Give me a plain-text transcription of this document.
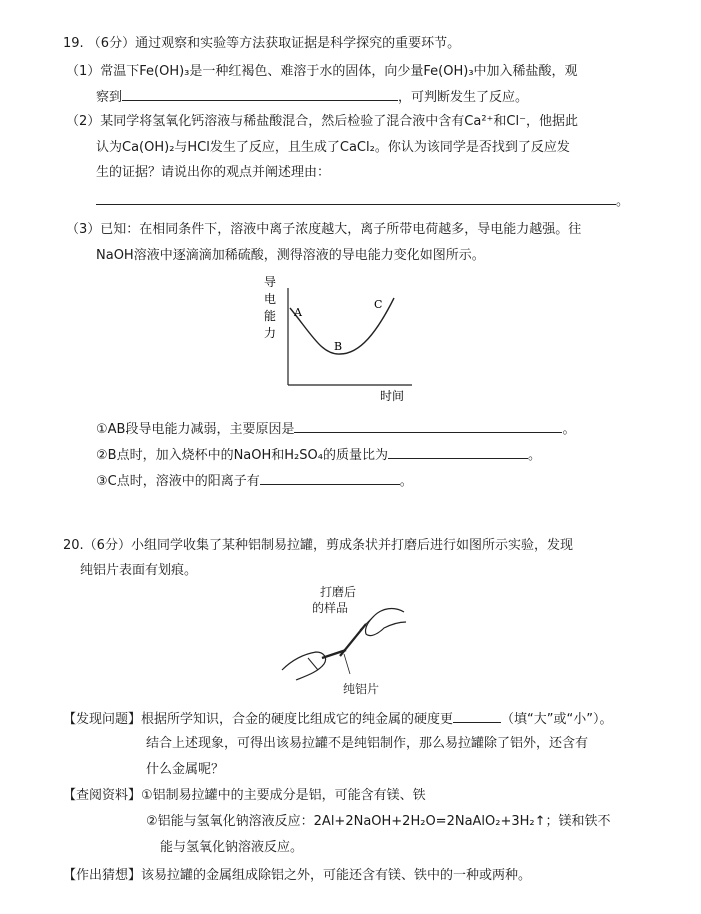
19. （6分）通过观察和实验等方法获取证据是科学探究的重要环节。
（1）常温下Fe(OH)₃是一种红褐色、难溶于水的固体，向少量Fe(OH)₃中加入稀盐酸，观
察到	，可判断发生了反应。
（2）某同学将氢氧化钙溶液与稀盐酸混合，然后检验了混合液中含有Ca²⁺和Cl⁻，他据此
认为Ca(OH)₂与HCl发生了反应，且生成了CaCl₂。你认为该同学是否找到了反应发
生的证据？请说出你的观点并阐述理由：
。
（3）已知：在相同条件下，溶液中离子浓度越大，离子所带电荷越多，导电能力越强。往
NaOH溶液中逐滴滴加稀硫酸，测得溶液的导电能力变化如图所示。
导
电
能
力
A
B
C
时间
①AB段导电能力减弱，主要原因是	。
②B点时，加入烧杯中的NaOH和H₂SO₄的质量比为	。
③C点时，溶液中的阳离子有	。
20.（6分）小组同学收集了某种铝制易拉罐，剪成条状并打磨后进行如图所示实验，发现
纯铝片表面有划痕。
打磨后
的样品
纯铝片
【发现问题】根据所学知识，合金的硬度比组成它的纯金属的硬度更	（填“大”或“小”）。
结合上述现象，可得出该易拉罐不是纯铝制作，那么易拉罐除了铝外，还含有
什么金属呢？
【查阅资料】①铝制易拉罐中的主要成分是铝，可能含有镁、铁
②铝能与氢氧化钠溶液反应：2Al+2NaOH+2H₂O=2NaAlO₂+3H₂↑；镁和铁不
能与氢氧化钠溶液反应。
【作出猜想】该易拉罐的金属组成除铝之外，可能还含有镁、铁中的一种或两种。
